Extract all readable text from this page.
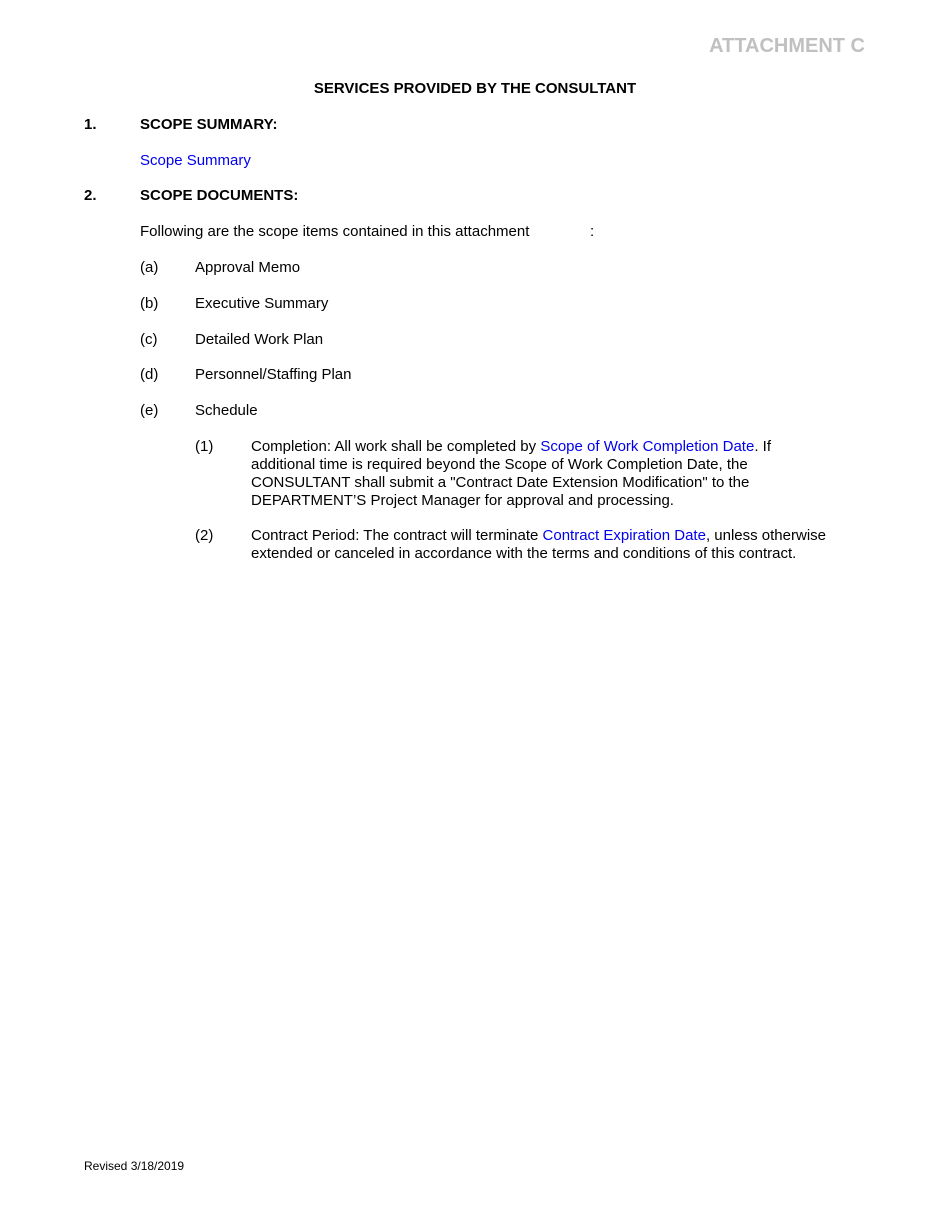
ATTACHMENT C
SERVICES PROVIDED BY THE CONSULTANT
1.	SCOPE SUMMARY:
Scope Summary
2.	SCOPE DOCUMENTS:
Following are the scope items contained in this attachment	:
(a) Approval Memo
(b) Executive Summary
(c)	Detailed Work Plan
(d) Personnel/Staffing Plan
(e) Schedule
(1)	Completion: All work shall be completed by Scope of Work Completion Date. If additional time is required beyond the Scope of Work Completion Date, the CONSULTANT shall submit a "Contract Date Extension Modification" to the DEPARTMENT’S Project Manager for approval and processing.
(2)	Contract Period: The contract will terminate Contract Expiration Date, unless otherwise extended or canceled in accordance with the terms and conditions of this contract.
Revised 3/18/2019
